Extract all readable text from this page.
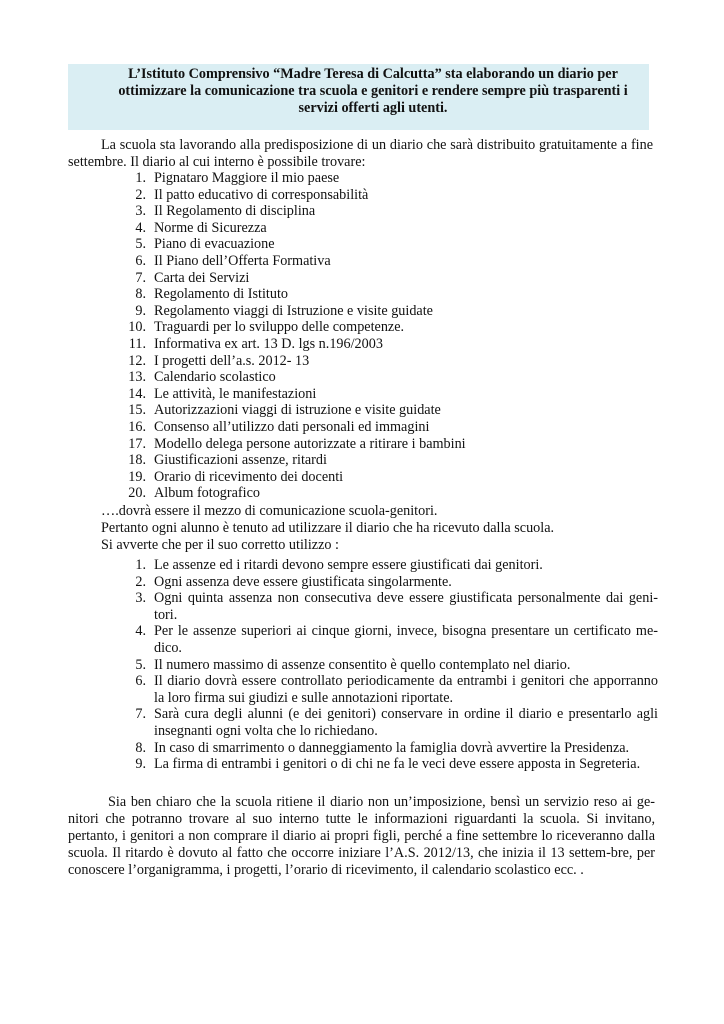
L’Istituto Comprensivo “Madre Teresa di Calcutta” sta elaborando un diario per
ottimizzare la comunicazione tra scuola e genitori e rendere sempre più trasparenti i
servizi offerti agli utenti.
La scuola sta lavorando alla predisposizione di un diario che sarà distribuito gratuitamente a fine settembre. Il diario al cui interno è possibile trovare:
1. Pignataro Maggiore il mio paese
2. Il patto educativo di corresponsabilità
3. Il Regolamento di disciplina
4. Norme di Sicurezza
5. Piano di evacuazione
6. Il Piano dell’Offerta Formativa
7. Carta dei Servizi
8. Regolamento di Istituto
9. Regolamento viaggi di Istruzione e visite guidate
10. Traguardi per lo sviluppo delle competenze.
11. Informativa ex art. 13 D. lgs n.196/2003
12. I progetti dell’a.s. 2012- 13
13. Calendario scolastico
14. Le attività, le manifestazioni
15. Autorizzazioni viaggi di istruzione e visite guidate
16. Consenso all’utilizzo dati personali ed immagini
17. Modello delega persone autorizzate a ritirare i bambini
18. Giustificazioni assenze, ritardi
19. Orario di ricevimento dei docenti
20. Album fotografico

….dovrà essere il mezzo di comunicazione scuola-genitori.

Pertanto ogni alunno è tenuto ad utilizzare il diario che ha ricevuto dalla scuola.

Si avverte che per il suo corretto utilizzo :

1. Le assenze ed i ritardi devono sempre essere giustificati dai genitori.
2. Ogni assenza deve essere giustificata singolarmente.
3. Ogni quinta assenza non consecutiva deve essere giustificata personalmente dai geni-tori.
4. Per le assenze superiori ai cinque giorni, invece, bisogna presentare un certificato me-dico.
5. Il numero massimo di assenze consentito è quello contemplato nel diario.
6. Il diario dovrà essere controllato periodicamente da entrambi i genitori che apporranno la loro firma sui giudizi e sulle annotazioni riportate.
7. Sarà cura degli alunni (e dei genitori) conservare in ordine il diario e presentarlo agli insegnanti ogni volta che lo richiedano.
8. In caso di smarrimento o danneggiamento la famiglia dovrà avvertire la Presidenza.
9. La firma di entrambi i genitori o di chi ne fa le veci deve essere apposta in Segreteria.
Sia ben chiaro che la scuola ritiene il diario non un’imposizione, bensì un servizio reso ai ge-nitori che potranno trovare al suo interno tutte le informazioni riguardanti la scuola. Si invitano, pertanto, i genitori a non comprare il diario ai propri figli, perché a fine settembre lo riceveranno dalla scuola. Il ritardo è dovuto al fatto che occorre iniziare l’A.S. 2012/13, che inizia il 13 settem-bre, per conoscere l’organigramma, i progetti, l’orario di ricevimento, il calendario scolastico ecc. .
